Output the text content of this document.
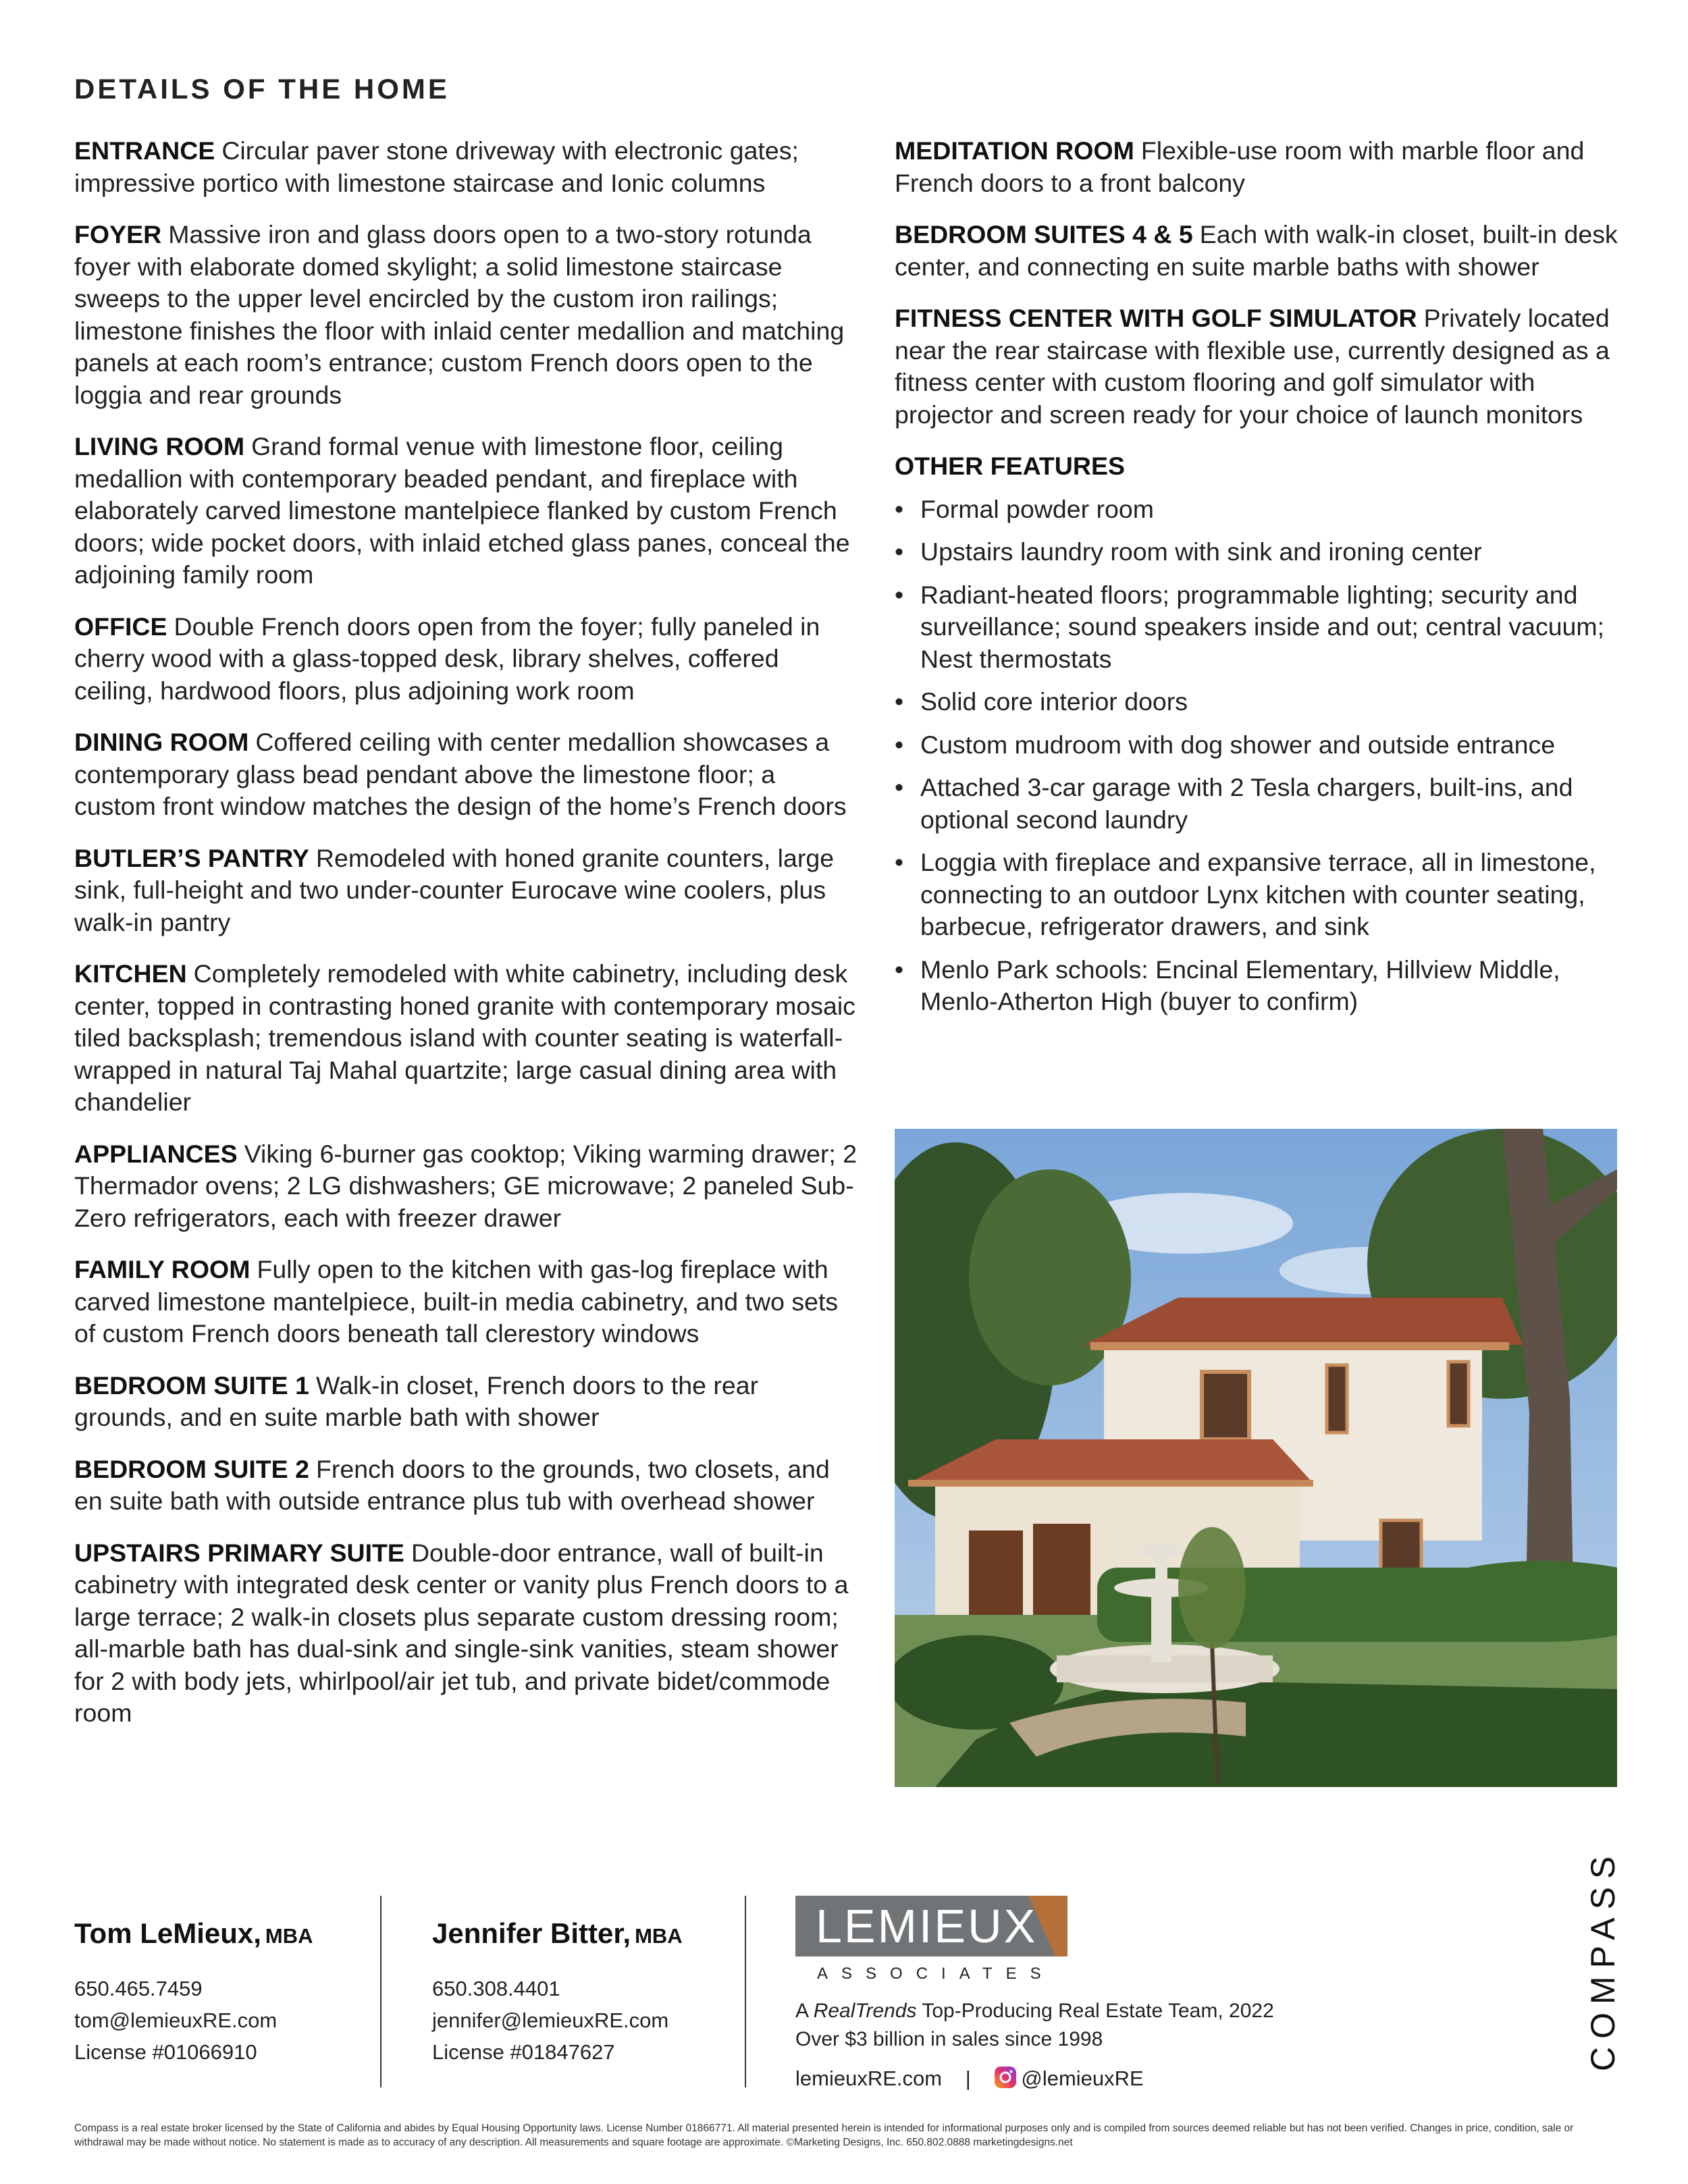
DETAILS OF THE HOME

ENTRANCE Circular paver stone driveway with electronic gates; impressive portico with limestone staircase and Ionic columns

FOYER Massive iron and glass doors open to a two-story rotunda foyer with elaborate domed skylight; a solid limestone staircase sweeps to the upper level encircled by the custom iron railings; limestone finishes the floor with inlaid center medallion and matching panels at each room’s entrance; custom French doors open to the loggia and rear grounds

LIVING ROOM Grand formal venue with limestone floor, ceiling medallion with contemporary beaded pendant, and fireplace with elaborately carved limestone mantelpiece flanked by custom French doors; wide pocket doors, with inlaid etched glass panes, conceal the adjoining family room

OFFICE Double French doors open from the foyer; fully paneled in cherry wood with a glass-topped desk, library shelves, coffered ceiling, hardwood floors, plus adjoining work room

DINING ROOM Coffered ceiling with center medallion showcases a contemporary glass bead pendant above the limestone floor; a custom front window matches the design of the home’s French doors

BUTLER’S PANTRY Remodeled with honed granite counters, large sink, full-height and two under-counter Eurocave wine coolers, plus walk-in pantry

KITCHEN Completely remodeled with white cabinetry, including desk center, topped in contrasting honed granite with contemporary mosaic tiled backsplash; tremendous island with counter seating is waterfall-wrapped in natural Taj Mahal quartzite; large casual dining area with chandelier

APPLIANCES Viking 6-burner gas cooktop; Viking warming drawer; 2 Thermador ovens; 2 LG dishwashers; GE microwave; 2 paneled Sub-Zero refrigerators, each with freezer drawer

FAMILY ROOM Fully open to the kitchen with gas-log fireplace with carved limestone mantelpiece, built-in media cabinetry, and two sets of custom French doors beneath tall clerestory windows

BEDROOM SUITE 1 Walk-in closet, French doors to the rear grounds, and en suite marble bath with shower

BEDROOM SUITE 2 French doors to the grounds, two closets, and en suite bath with outside entrance plus tub with overhead shower

UPSTAIRS PRIMARY SUITE Double-door entrance, wall of built-in cabinetry with integrated desk center or vanity plus French doors to a large terrace; 2 walk-in closets plus separate custom dressing room; all-marble bath has dual-sink and single-sink vanities, steam shower for 2 with body jets, whirlpool/air jet tub, and private bidet/commode room

MEDITATION ROOM Flexible-use room with marble floor and French doors to a front balcony

BEDROOM SUITES 4 & 5 Each with walk-in closet, built-in desk center, and connecting en suite marble baths with shower

FITNESS CENTER WITH GOLF SIMULATOR Privately located near the rear staircase with flexible use, currently designed as a fitness center with custom flooring and golf simulator with projector and screen ready for your choice of launch monitors

OTHER FEATURES
• Formal powder room
• Upstairs laundry room with sink and ironing center
• Radiant-heated floors; programmable lighting; security and surveillance; sound speakers inside and out; central vacuum; Nest thermostats
• Solid core interior doors
• Custom mudroom with dog shower and outside entrance
• Attached 3-car garage with 2 Tesla chargers, built-ins, and optional second laundry
• Loggia with fireplace and expansive terrace, all in limestone, connecting to an outdoor Lynx kitchen with counter seating, barbecue, refrigerator drawers, and sink
• Menlo Park schools: Encinal Elementary, Hillview Middle, Menlo-Atherton High (buyer to confirm)
Tom LeMieux, MBA
650.465.7459
tom@lemieuxRE.com
License #01066910
Jennifer Bitter, MBA
650.308.4401
jennifer@lemieuxRE.com
License #01847627
LEMIEUX
ASSOCIATES
A RealTrends Top-Producing Real Estate Team, 2022
Over $3 billion in sales since 1998
lemieuxRE.com | @lemieuxRE
COMPASS
Compass is a real estate broker licensed by the State of California and abides by Equal Housing Opportunity laws. License Number 01866771. All material presented herein is intended for informational purposes only and is compiled from sources deemed reliable but has not been verified. Changes in price, condition, sale or withdrawal may be made without notice. No statement is made as to accuracy of any description. All measurements and square footage are approximate. ©Marketing Designs, Inc. 650.802.0888 marketingdesigns.net
